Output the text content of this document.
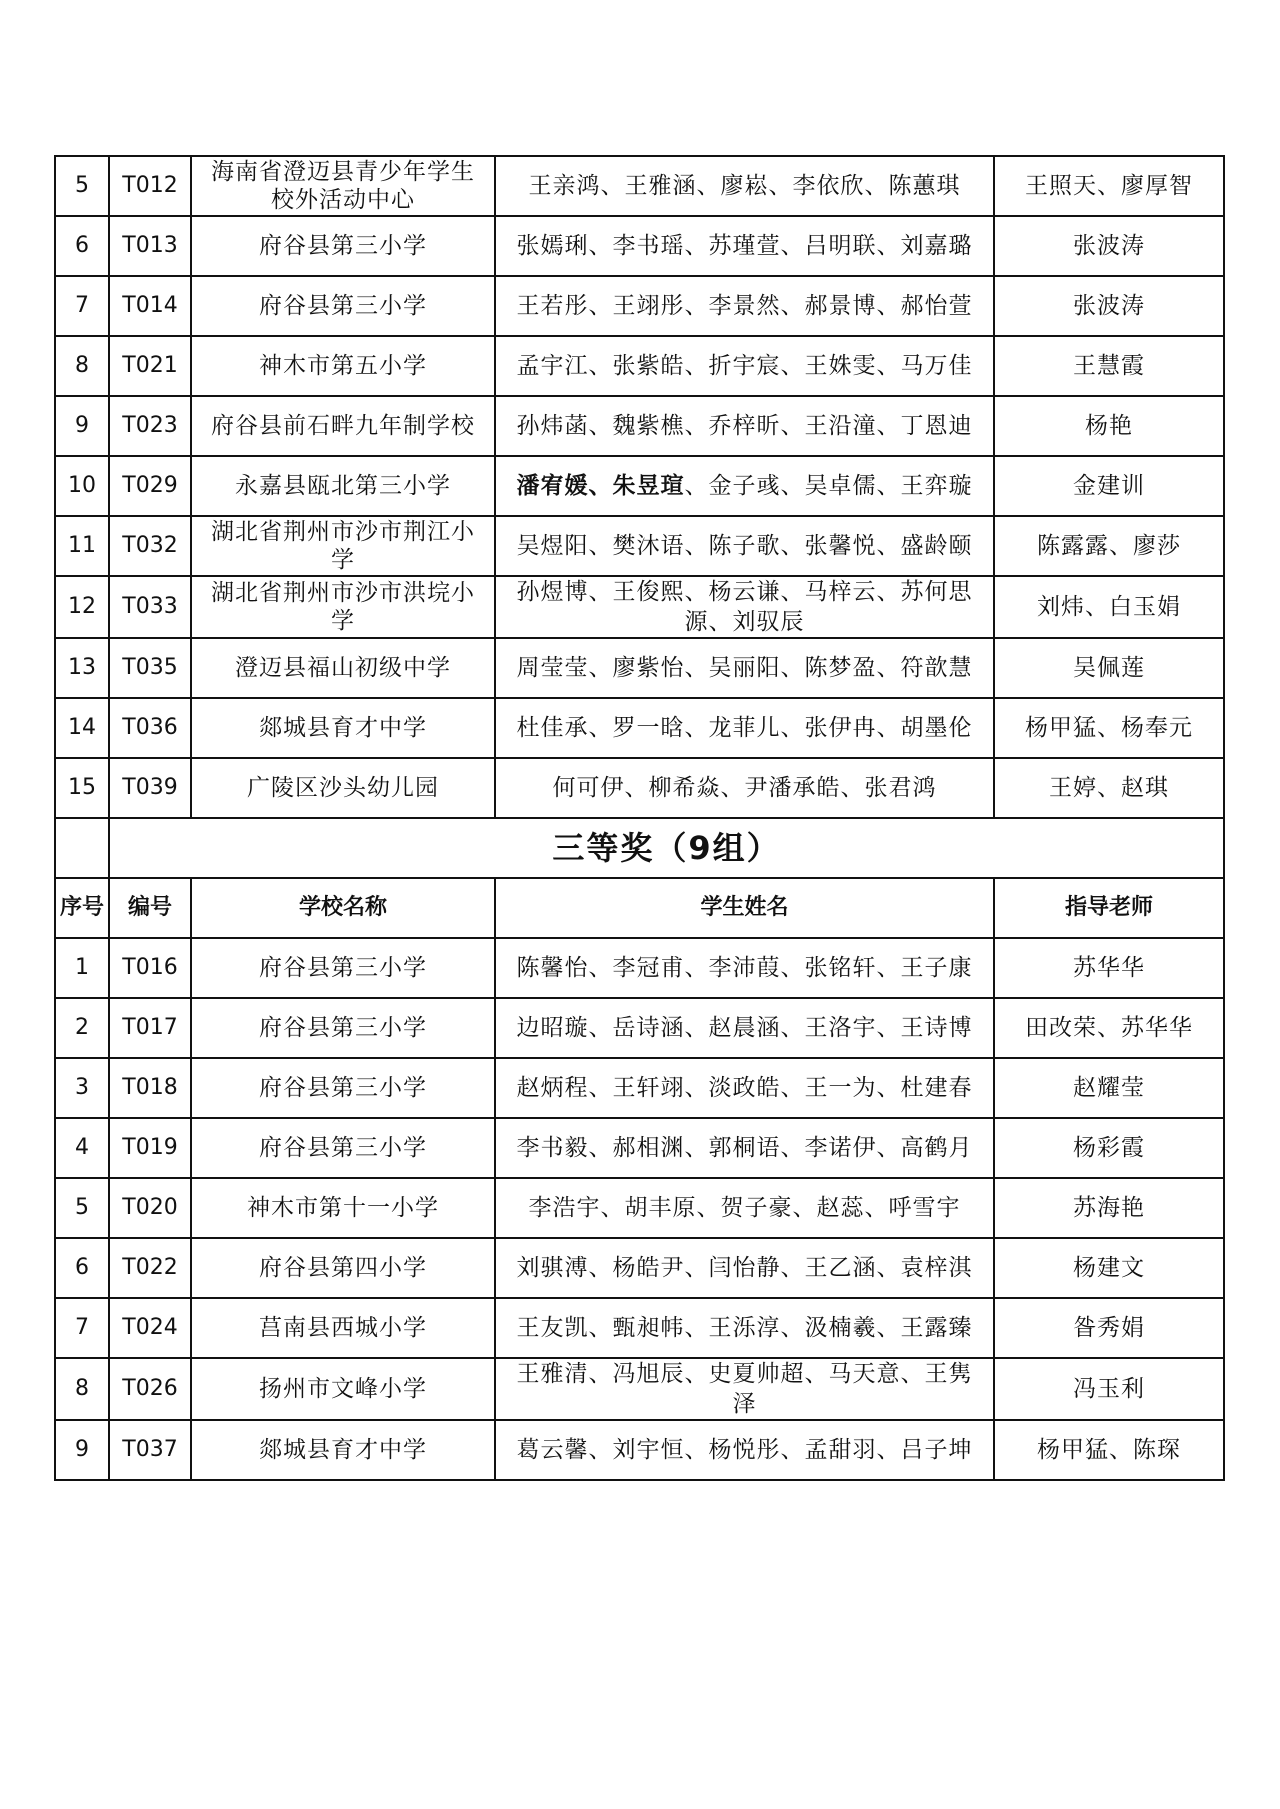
5	T012	海南省澄迈县青少年学生校外活动中心	王亲鸿、王雅涵、廖崧、李依欣、陈蕙琪	王照天、廖厚智
6	T013	府谷县第三小学	张嫣琍、李书瑶、苏瑾萱、吕明联、刘嘉璐	张波涛
7	T014	府谷县第三小学	王若彤、王翊彤、李景然、郝景博、郝怡萱	张波涛
8	T021	神木市第五小学	孟宇江、张紫皓、折宇宸、王姝雯、马万佳	王慧霞
9	T023	府谷县前石畔九年制学校	孙炜菡、魏紫樵、乔梓昕、王沿潼、丁恩迪	杨艳
10	T029	永嘉县瓯北第三小学	潘宥媛、朱昱瑄、金子彧、吴卓儒、王弈璇	金建训
11	T032	湖北省荆州市沙市荆江小学	吴煜阳、樊沐语、陈子歌、张馨悦、盛龄颐	陈露露、廖莎
12	T033	湖北省荆州市沙市洪垸小学	孙煜博、王俊熙、杨云谦、马梓云、苏何思源、刘驭辰	刘炜、白玉娟
13	T035	澄迈县福山初级中学	周莹莹、廖紫怡、吴丽阳、陈梦盈、符歆慧	吴佩莲
14	T036	郯城县育才中学	杜佳承、罗一晗、龙菲儿、张伊冉、胡墨伦	杨甲猛、杨奉元
15	T039	广陵区沙头幼儿园	何可伊、柳希焱、尹潘承皓、张君鸿	王婷、赵琪
	三等奖（9组）			
序号	编号	学校名称	学生姓名	指导老师
1	T016	府谷县第三小学	陈馨怡、李冠甫、李沛葭、张铭轩、王子康	苏华华
2	T017	府谷县第三小学	边昭璇、岳诗涵、赵晨涵、王洛宇、王诗博	田改荣、苏华华
3	T018	府谷县第三小学	赵炳程、王轩翊、淡政皓、王一为、杜建春	赵耀莹
4	T019	府谷县第三小学	李书毅、郝相渊、郭桐语、李诺伊、高鹤月	杨彩霞
5	T020	神木市第十一小学	李浩宇、胡丰原、贺子豪、赵蕊、呼雪宇	苏海艳
6	T022	府谷县第四小学	刘骐溥、杨皓尹、闫怡静、王乙涵、袁梓淇	杨建文
7	T024	莒南县西城小学	王友凯、甄昶帏、王泺淳、汲楠羲、王露臻	昝秀娟
8	T026	扬州市文峰小学	王雅清、冯旭辰、史夏帅超、马天意、王隽泽	冯玉利
9	T037	郯城县育才中学	葛云馨、刘宇恒、杨悦彤、孟甜羽、吕子坤	杨甲猛、陈琛
